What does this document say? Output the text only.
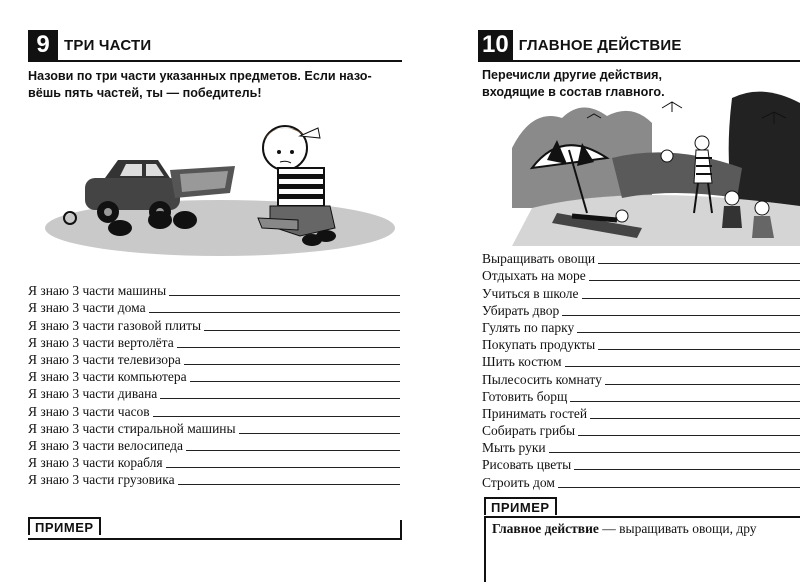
9 ТРИ ЧАСТИ
Назови по три части указанных предметов. Если назо-
вёшь пять частей, ты — победитель!
Я знаю 3 части машины
Я знаю 3 части дома
Я знаю 3 части газовой плиты
Я знаю 3 части вертолёта
Я знаю 3 части телевизора
Я знаю 3 части компьютера
Я знаю 3 части дивана
Я знаю 3 части часов
Я знаю 3 части стиральной машины
Я знаю 3 части велосипеда
Я знаю 3 части корабля
Я знаю 3 части грузовика
ПРИМЕР
10 ГЛАВНОЕ ДЕЙСТВИЕ
Перечисли другие действия,
входящие в состав главного.
Выращивать овощи
Отдыхать на море
Учиться в школе
Убирать двор
Гулять по парку
Покупать продукты
Шить костюм
Пылесосить комнату
Готовить борщ
Принимать гостей
Собирать грибы
Мыть руки
Рисовать цветы
Строить дом
ПРИМЕР
Главное действие — выращивать овощи, дру
